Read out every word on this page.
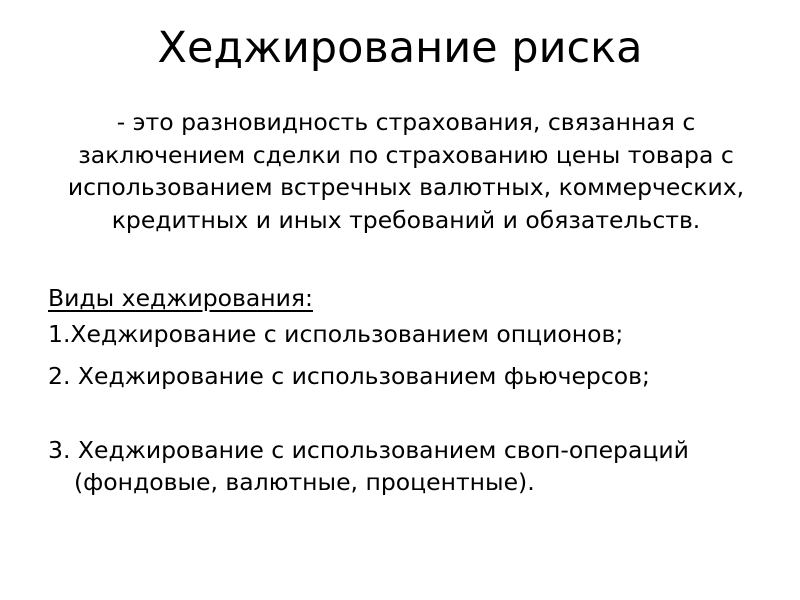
Хеджирование риска

- это разновидность страхования, связанная с заключением сделки по страхованию цены товара с использованием встречных валютных, коммерческих, кредитных и иных требований и обязательств.

Виды хеджирования:

1.Хеджирование с использованием опционов;
2. Хеджирование с использованием фьючерсов;
3. Хеджирование с использованием своп-операций (фондовые, валютные, процентные).
